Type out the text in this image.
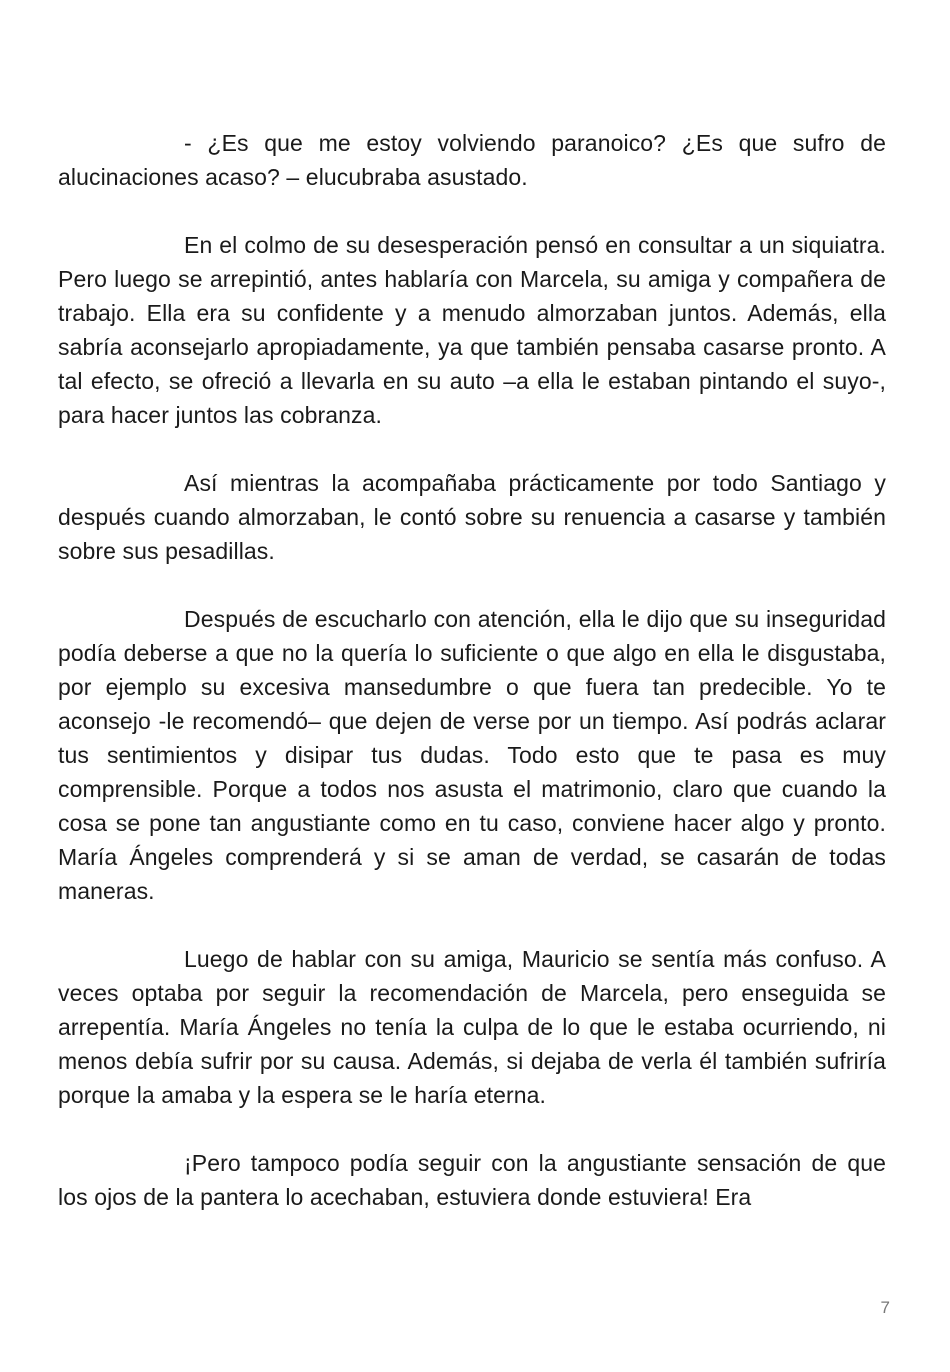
- ¿Es que me estoy volviendo paranoico? ¿Es que sufro de alucinaciones acaso? – elucubraba asustado.

En el colmo de su desesperación pensó en consultar a un siquiatra. Pero luego se arrepintió, antes hablaría con Marcela, su amiga y compañera de trabajo. Ella era su confidente y a menudo almorzaban juntos. Además, ella sabría aconsejarlo apropiadamente, ya que también pensaba casarse pronto. A tal efecto, se ofreció a llevarla en su auto –a ella le estaban pintando el suyo-, para hacer juntos las cobranza.

Así mientras la acompañaba prácticamente por todo Santiago y después cuando almorzaban, le contó sobre su renuencia a casarse y también sobre sus pesadillas.

Después de escucharlo con atención, ella le dijo que su inseguridad podía deberse a que no la quería lo suficiente o que algo en ella le disgustaba, por ejemplo su excesiva mansedumbre o que fuera tan predecible. Yo te aconsejo -le recomendó– que dejen de verse por un tiempo. Así podrás aclarar tus sentimientos y disipar tus dudas. Todo esto que te pasa es muy comprensible. Porque a todos nos asusta el matrimonio, claro que cuando la cosa se pone tan angustiante como en tu caso, conviene hacer algo y pronto. María Ángeles comprenderá y si se aman de verdad, se casarán de todas maneras.

Luego de hablar con su amiga, Mauricio se sentía más confuso. A veces optaba por seguir la recomendación de Marcela, pero enseguida se arrepentía. María Ángeles no tenía la culpa de lo que le estaba ocurriendo, ni menos debía sufrir por su causa. Además, si dejaba de verla él también sufriría porque la amaba y la espera se le haría eterna.

¡Pero tampoco podía seguir con la angustiante sensación de que los ojos de la pantera lo acechaban, estuviera donde estuviera! Era

7
